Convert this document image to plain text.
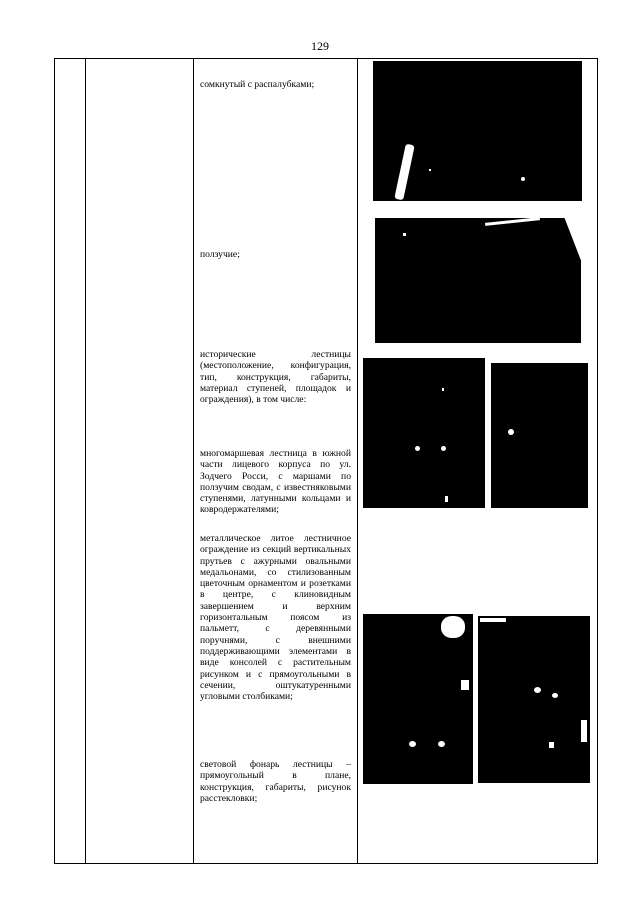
129
сомкнутый с распалубками;
ползучие;
исторические лестницы (местоположение, конфигурация, тип, конструкция, габариты, материал ступеней, площадок и ограждения), в том числе:
многомаршевая лестница в южной части лицевого корпуса по ул. Зодчего Росси, с маршами по ползучим сводам, с известняковыми ступенями, латунными кольцами и ковродержателями;
металлическое литое лестничное ограждение из секций вертикальных прутьев с ажурными овальными медальонами, со стилизованным цветочным орнаментом и розетками в центре, с клиновидным завершением и верхним горизонтальным поясом из пальметт, с деревянными поручнями, с внешними поддерживающими элементами в виде консолей с растительным рисунком и с прямоугольными в сечении, оштукатуренными угловыми столбиками;
световой фонарь лестницы – прямоугольный в плане, конструкция, габариты, рисунок расстекловки;
